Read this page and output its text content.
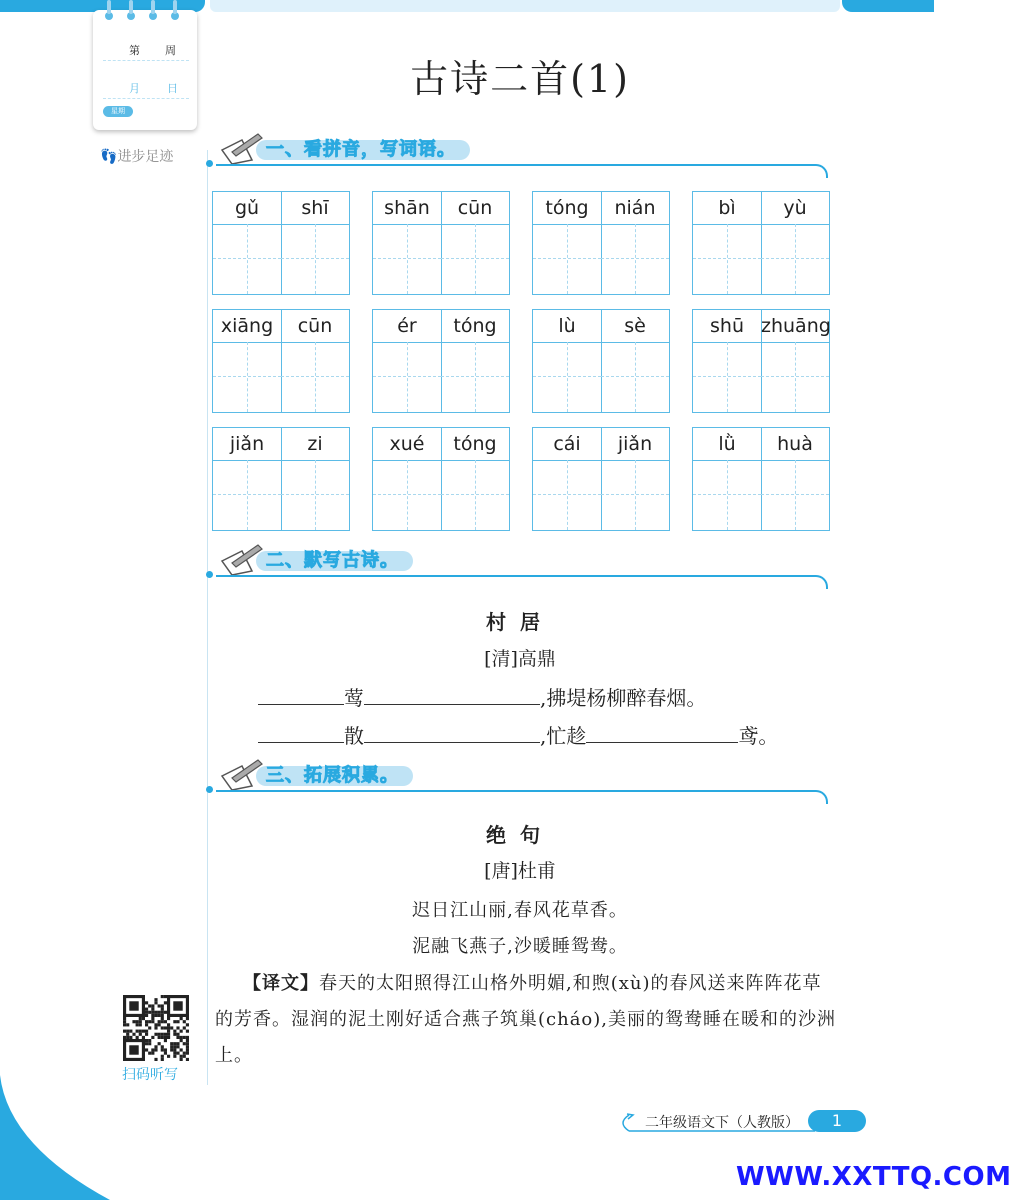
第 周
月 日
星期
👣进步足迹
古诗二首(1)
一、看拼音，写词语。
gǔ	shī	shān	cūn	tóng	nián	bì	yù
xiāng	cūn	ér	tóng	lù	sè	shū zhuāng
jiǎn	zi	xué	tóng	cái	jiǎn	lǜ	huà
二、默写古诗。
村居
[清]高鼎
莺	,拂堤杨柳醉春烟。
散	,忙趁	鸢。
三、拓展积累。
绝句
[唐]杜甫
迟日江山丽,春风花草香。
泥融飞燕子,沙暖睡鸳鸯。
【译文】春天的太阳照得江山格外明媚,和煦(xù)的春风送来阵阵花草的芳香。湿润的泥土刚好适合燕子筑巢(cháo),美丽的鸳鸯睡在暖和的沙洲上。
扫码听写
二年级语文下（人教版）	1
WWW.XXTTQ.COM
